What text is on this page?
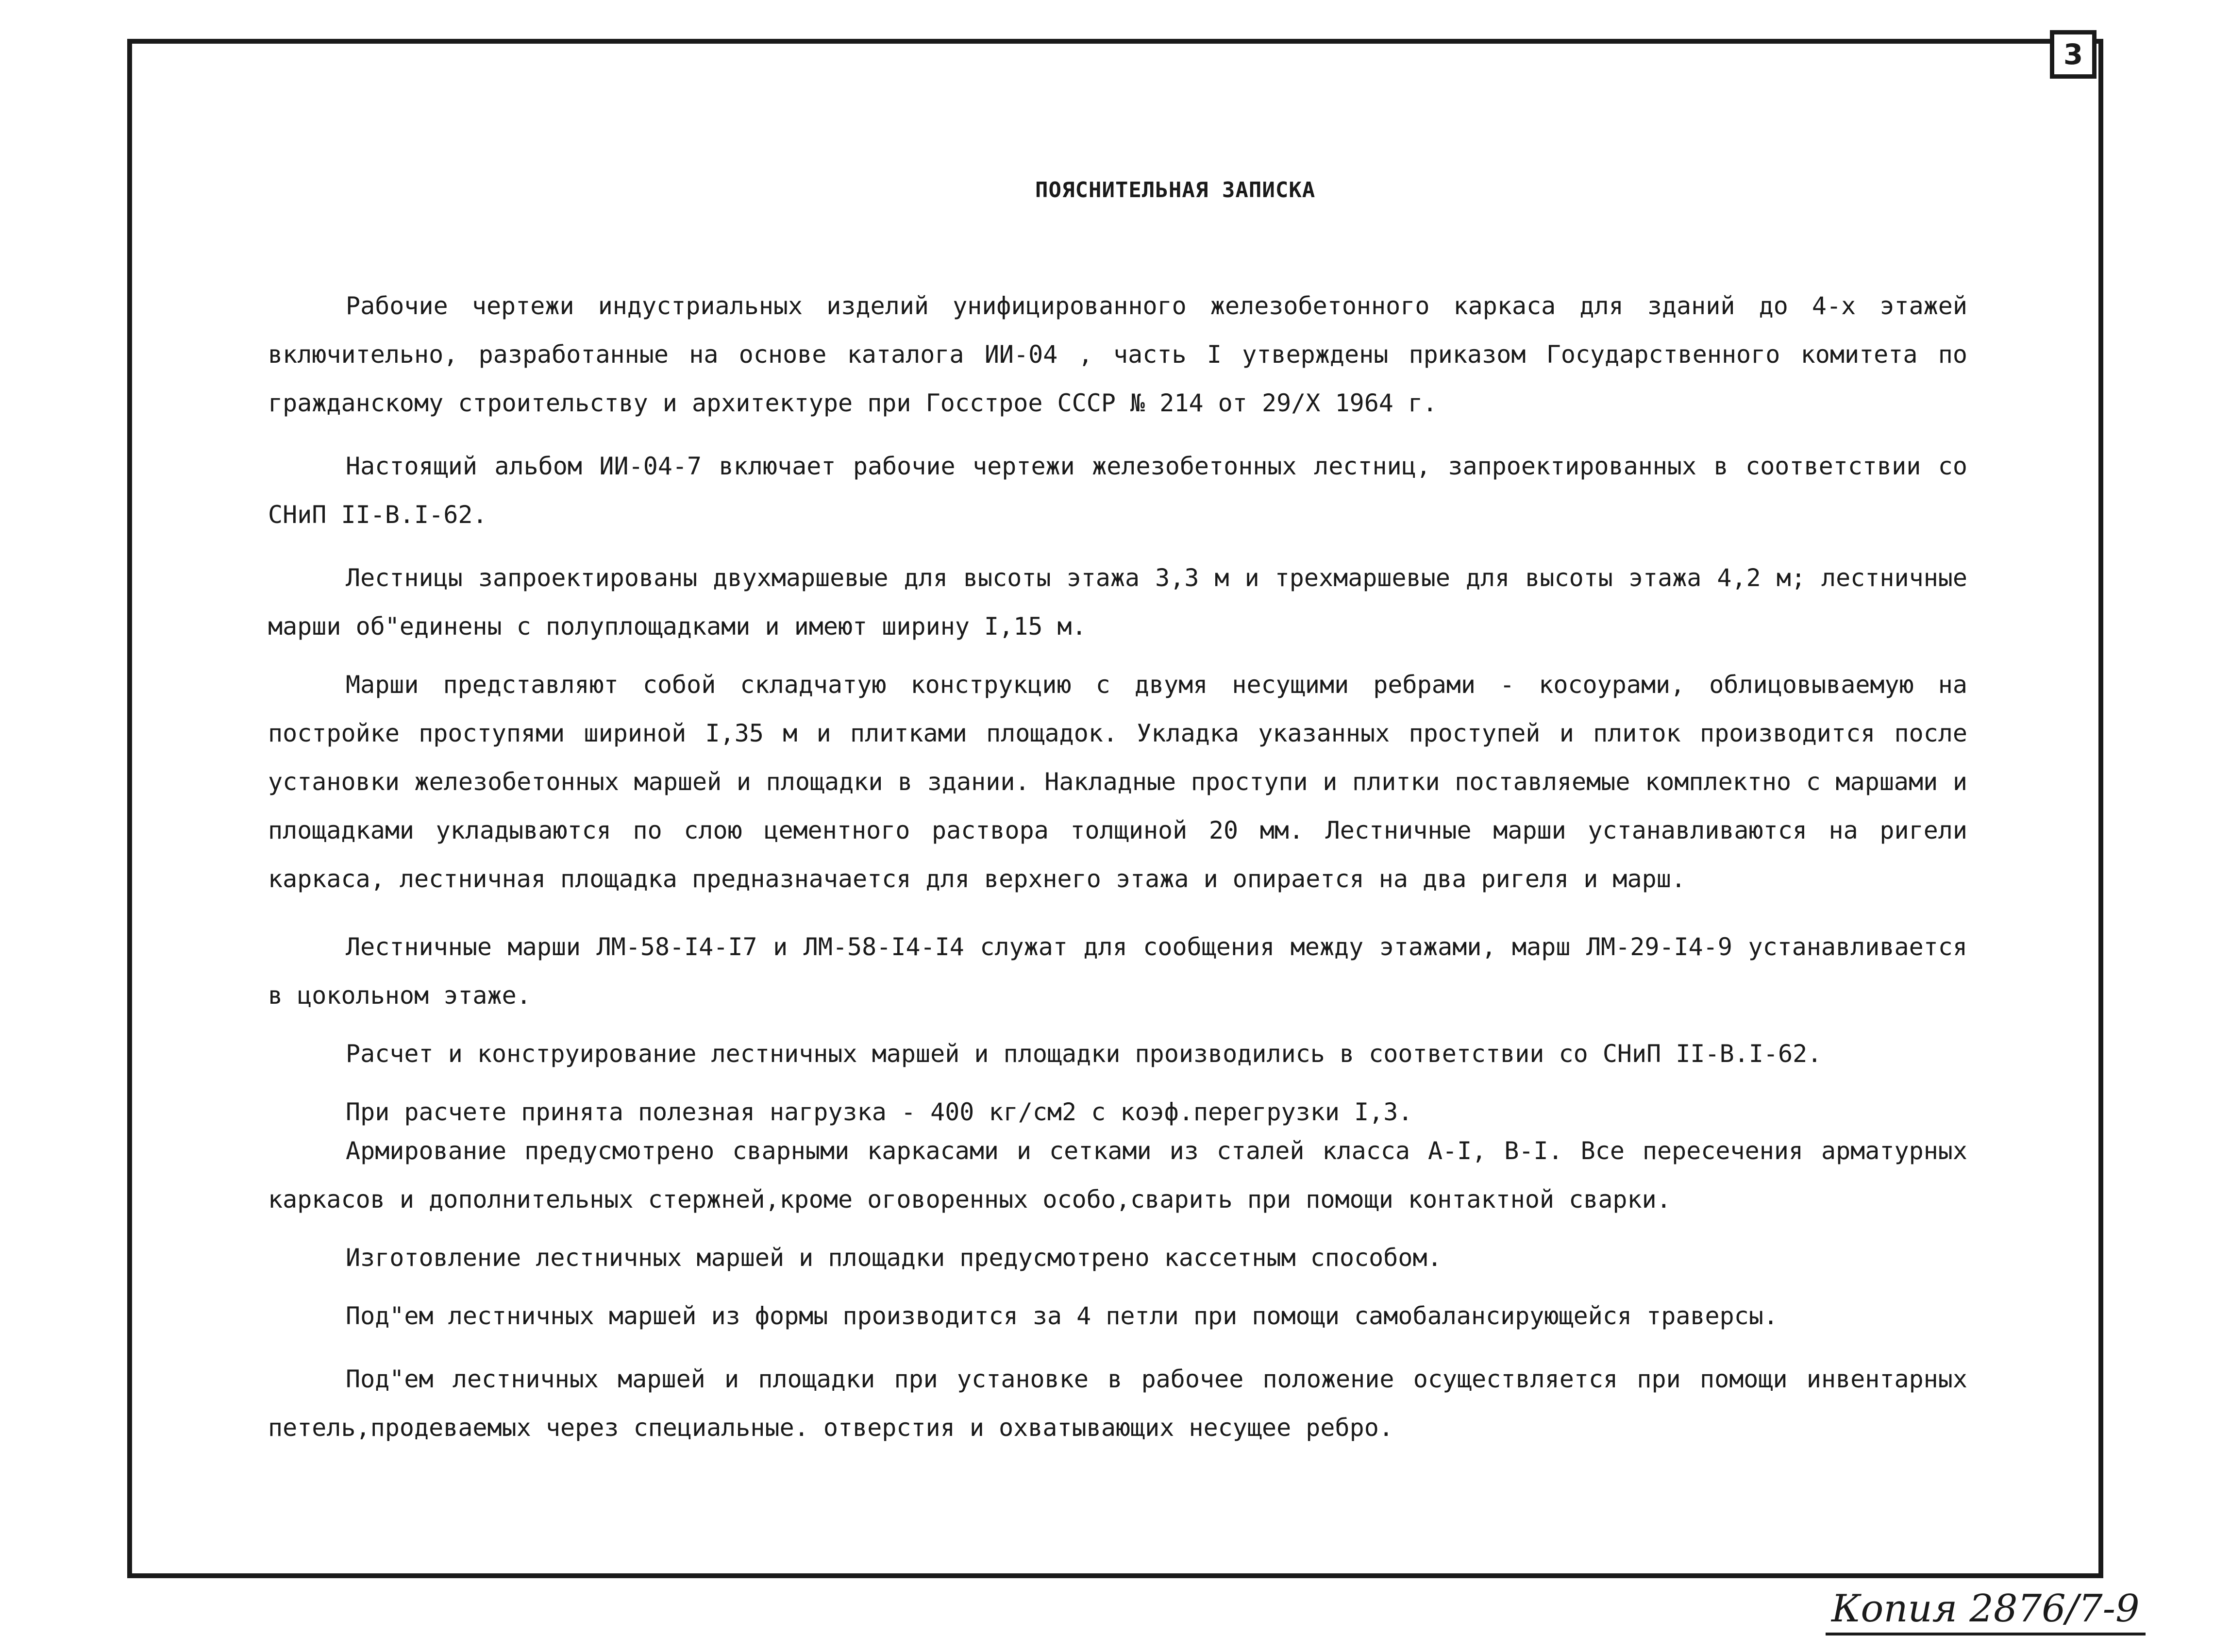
3
ПОЯСНИТЕЛЬНАЯ ЗАПИСКА
Рабочие чертежи индустриальных изделий унифицированного железобетонного каркаса для зданий до 4-х этажей включительно, разработанные на основе каталога ИИ-04 , часть I утверждены приказом Государственного комитета по гражданскому строительству и архитектуре при Госстрое СССР № 214 от 29/X 1964 г.
Настоящий альбом ИИ-04-7 включает рабочие чертежи железобетонных лестниц, запроектированных в соответствии со СНиП II-В.I-62.
Лестницы запроектированы двухмаршевые для высоты этажа 3,3 м и трехмаршевые для высоты этажа 4,2 м; лестничные марши об"единены с полуплощадками и имеют ширину I,15 м.
Марши представляют собой складчатую конструкцию с двумя несущими ребрами - косоурами, облицовываемую на постройке проступями шириной I,35 м и плитками площадок. Укладка указанных проступей и плиток производится после установки железобетонных маршей и площадки в здании. Накладные проступи и плитки поставляемые комплектно с маршами и площадками укладываются по слою цементного раствора толщиной 20 мм. Лестничные марши устанавливаются на ригели каркаса, лестничная площадка предназначается для верхнего этажа и опирается на два ригеля и марш.
Лестничные марши ЛМ-58-I4-I7 и ЛМ-58-I4-I4 служат для сообщения между этажами, марш ЛМ-29-I4-9 устанавливается в цокольном этаже.
Расчет и конструирование лестничных маршей и площадки производились в соответствии со СНиП II-В.I-62.
При расчете принята полезная нагрузка - 400 кг/см2 с коэф.перегрузки I,3.
Армирование предусмотрено сварными каркасами и сетками из сталей класса А-I, В-I. Все пересечения арматурных каркасов и дополнительных стержней,кроме оговоренных особо,сварить при помощи контактной сварки.
Изготовление лестничных маршей и площадки предусмотрено кассетным способом.
Под"ем лестничных маршей из формы производится за 4 петли при помощи самобалансирующейся траверсы.
Под"ем лестничных маршей и площадки при установке в рабочее положение осуществляется при помощи инвентарных петель,продеваемых через специальные. отверстия и охватывающих несущее ребро.
Копия 2876/7-9
